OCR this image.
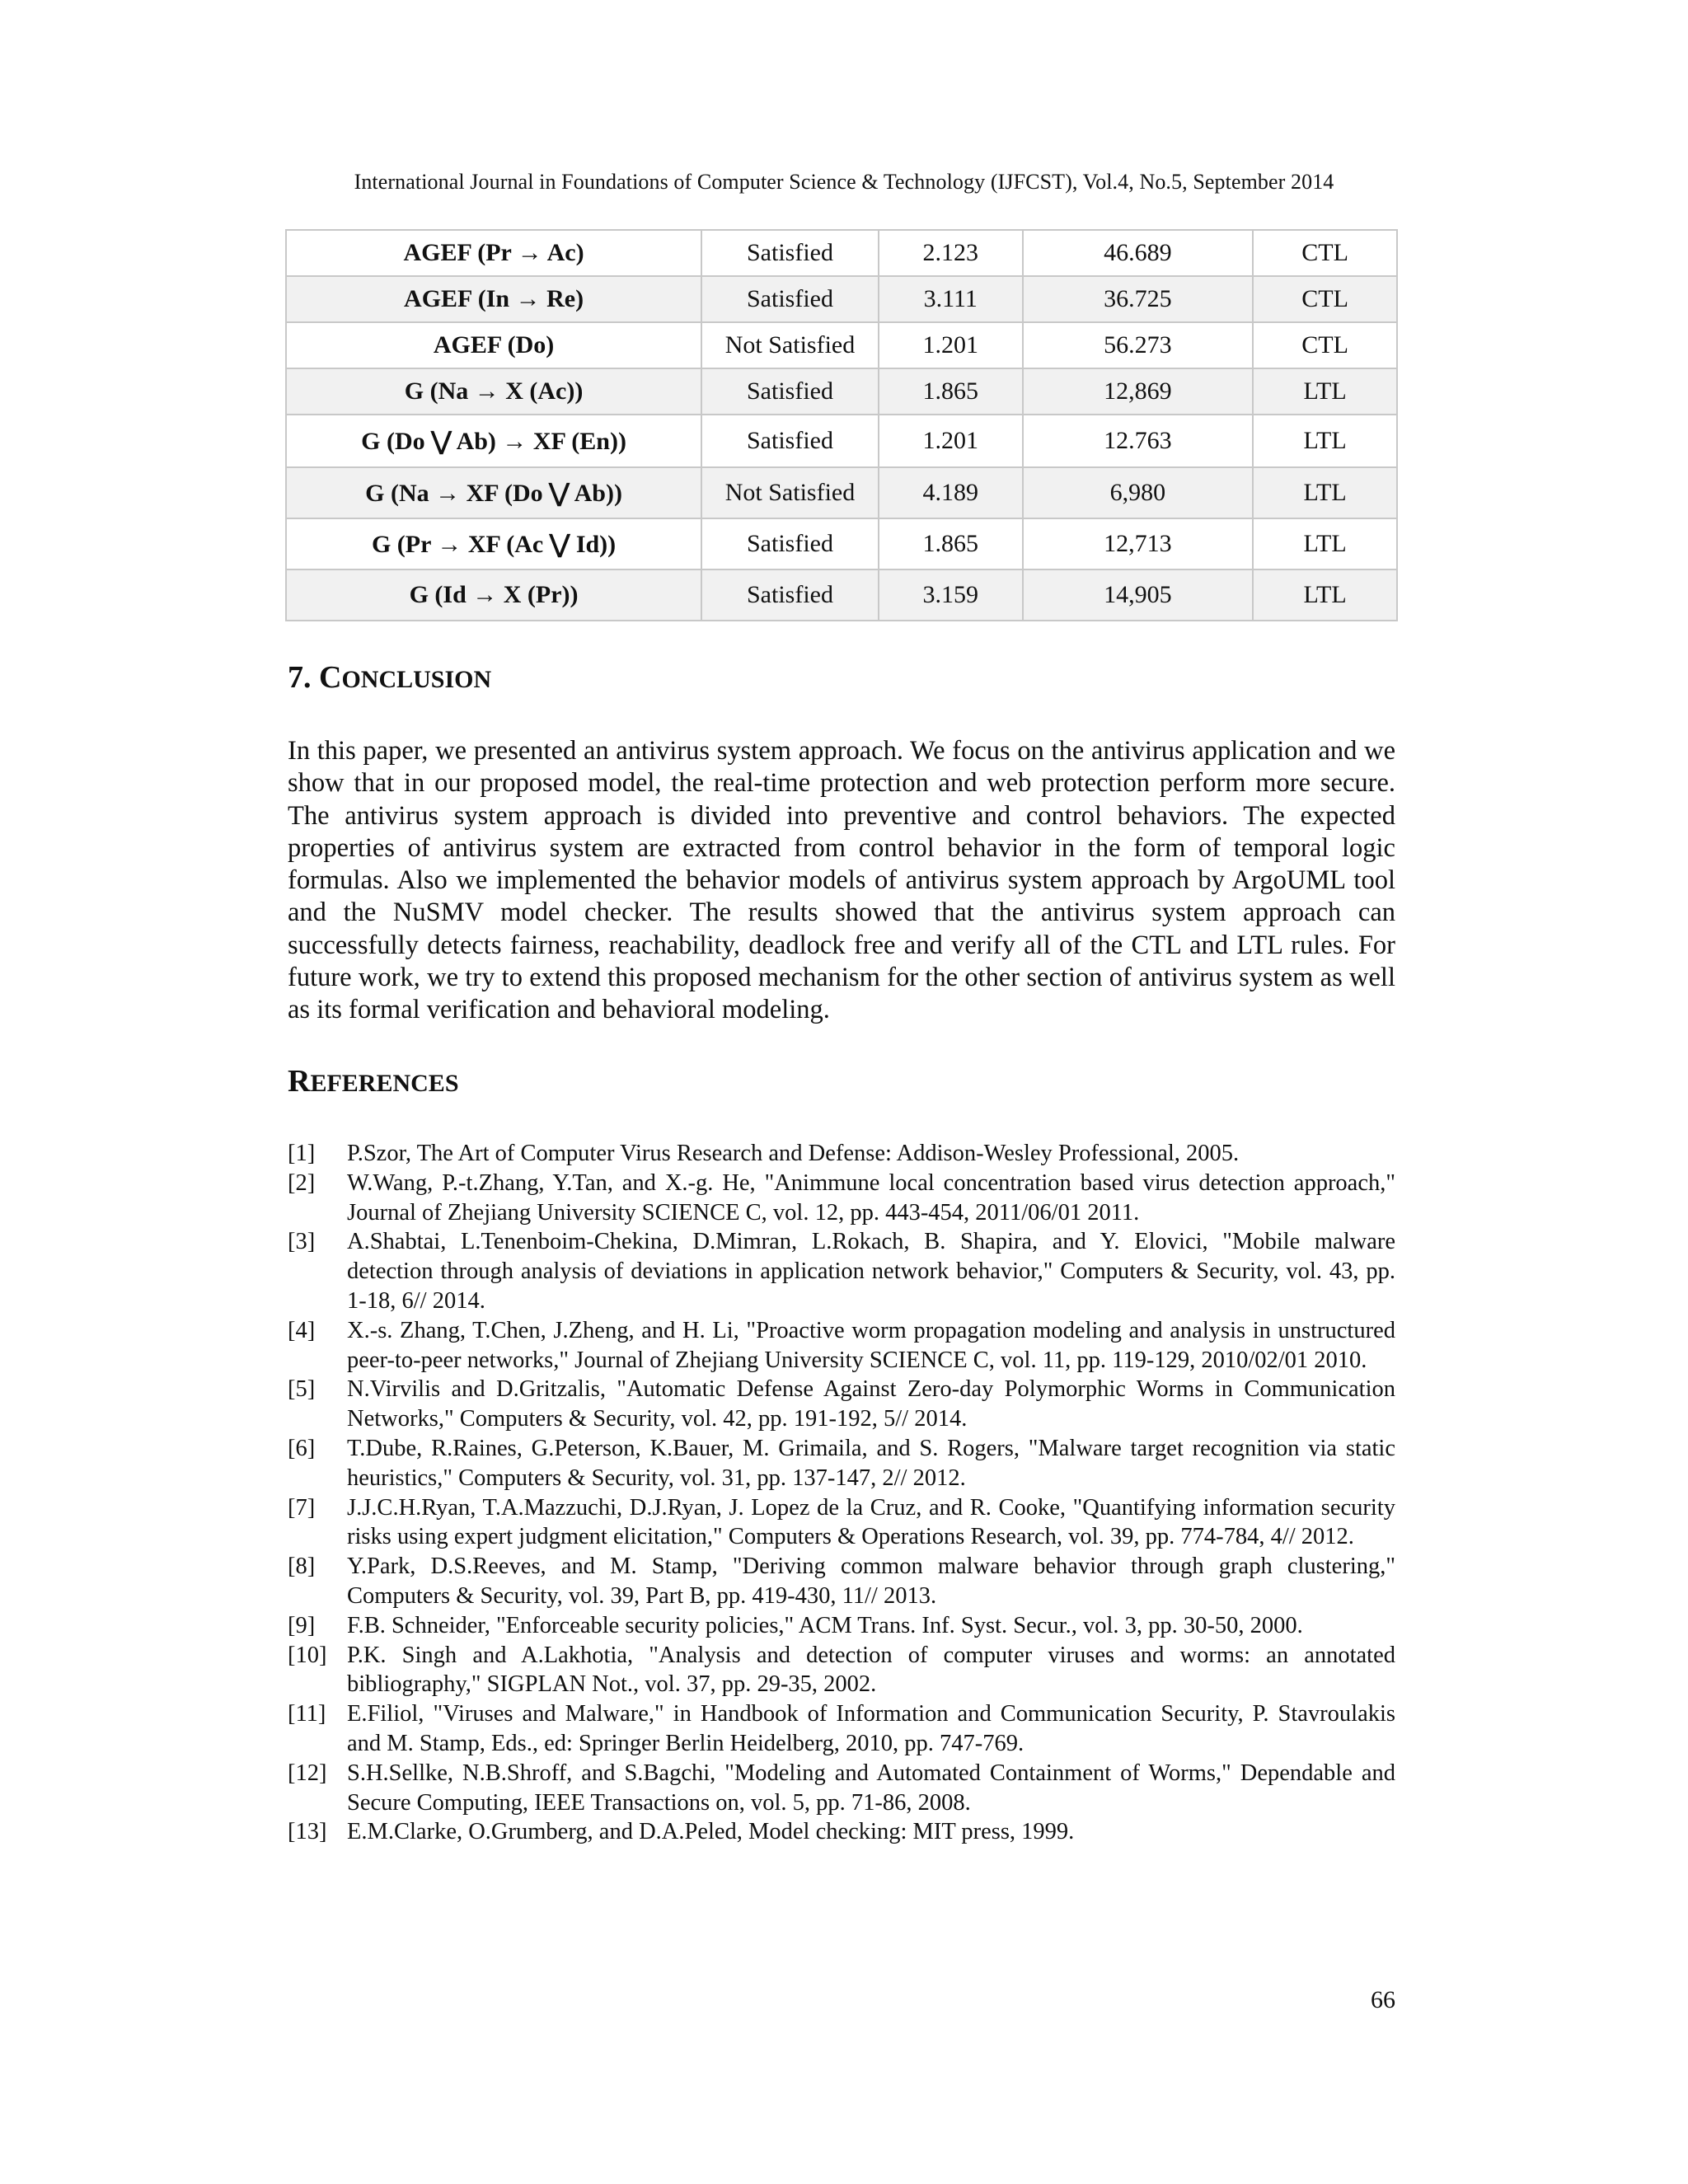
International Journal in Foundations of Computer Science & Technology (IJFCST), Vol.4, No.5, September 2014
AGEF (Pr → Ac)	Satisfied	2.123	46.689	CTL
AGEF (In → Re)	Satisfied	3.111	36.725	CTL
AGEF (Do)	Not Satisfied	1.201	56.273	CTL
G (Na → X (Ac))	Satisfied	1.865	12,869	LTL
G (Do ⋁ Ab) → XF (En))	Satisfied	1.201	12.763	LTL
G (Na → XF (Do ⋁ Ab))	Not Satisfied	4.189	6,980	LTL
G (Pr → XF (Ac ⋁ Id))	Satisfied	1.865	12,713	LTL
G (Id → X (Pr))	Satisfied	3.159	14,905	LTL
7. CONCLUSION

In this paper, we presented an antivirus system approach. We focus on the antivirus application and we show that in our proposed model, the real-time protection and web protection perform more secure. The antivirus system approach is divided into preventive and control behaviors. The expected properties of antivirus system are extracted from control behavior in the form of temporal logic formulas. Also we implemented the behavior models of antivirus system approach by ArgoUML tool and the NuSMV model checker. The results showed that the antivirus system approach can successfully detects fairness, reachability, deadlock free and verify all of the CTL and LTL rules. For future work, we try to extend this proposed mechanism for the other section of antivirus system as well as its formal verification and behavioral modeling.

REFERENCES
[1] P.Szor, The Art of Computer Virus Research and Defense: Addison-Wesley Professional, 2005.
[2] W.Wang, P.-t.Zhang, Y.Tan, and X.-g. He, "Animmune local concentration based virus detection approach," Journal of Zhejiang University SCIENCE C, vol. 12, pp. 443-454, 2011/06/01 2011.
[3] A.Shabtai, L.Tenenboim-Chekina, D.Mimran, L.Rokach, B. Shapira, and Y. Elovici, "Mobile malware detection through analysis of deviations in application network behavior," Computers & Security, vol. 43, pp. 1-18, 6// 2014.
[4] X.-s. Zhang, T.Chen, J.Zheng, and H. Li, "Proactive worm propagation modeling and analysis in unstructured peer-to-peer networks," Journal of Zhejiang University SCIENCE C, vol. 11, pp. 119-129, 2010/02/01 2010.
[5] N.Virvilis and D.Gritzalis, "Automatic Defense Against Zero-day Polymorphic Worms in Communication Networks," Computers & Security, vol. 42, pp. 191-192, 5// 2014.
[6] T.Dube, R.Raines, G.Peterson, K.Bauer, M. Grimaila, and S. Rogers, "Malware target recognition via static heuristics," Computers & Security, vol. 31, pp. 137-147, 2// 2012.
[7] J.J.C.H.Ryan, T.A.Mazzuchi, D.J.Ryan, J. Lopez de la Cruz, and R. Cooke, "Quantifying information security risks using expert judgment elicitation," Computers & Operations Research, vol. 39, pp. 774-784, 4// 2012.
[8] Y.Park, D.S.Reeves, and M. Stamp, "Deriving common malware behavior through graph clustering," Computers & Security, vol. 39, Part B, pp. 419-430, 11// 2013.
[9] F.B. Schneider, "Enforceable security policies," ACM Trans. Inf. Syst. Secur., vol. 3, pp. 30-50, 2000.
[10] P.K. Singh and A.Lakhotia, "Analysis and detection of computer viruses and worms: an annotated bibliography," SIGPLAN Not., vol. 37, pp. 29-35, 2002.
[11] E.Filiol, "Viruses and Malware," in Handbook of Information and Communication Security, P. Stavroulakis and M. Stamp, Eds., ed: Springer Berlin Heidelberg, 2010, pp. 747-769.
[12] S.H.Sellke, N.B.Shroff, and S.Bagchi, "Modeling and Automated Containment of Worms," Dependable and Secure Computing, IEEE Transactions on, vol. 5, pp. 71-86, 2008.
[13] E.M.Clarke, O.Grumberg, and D.A.Peled, Model checking: MIT press, 1999.
66
